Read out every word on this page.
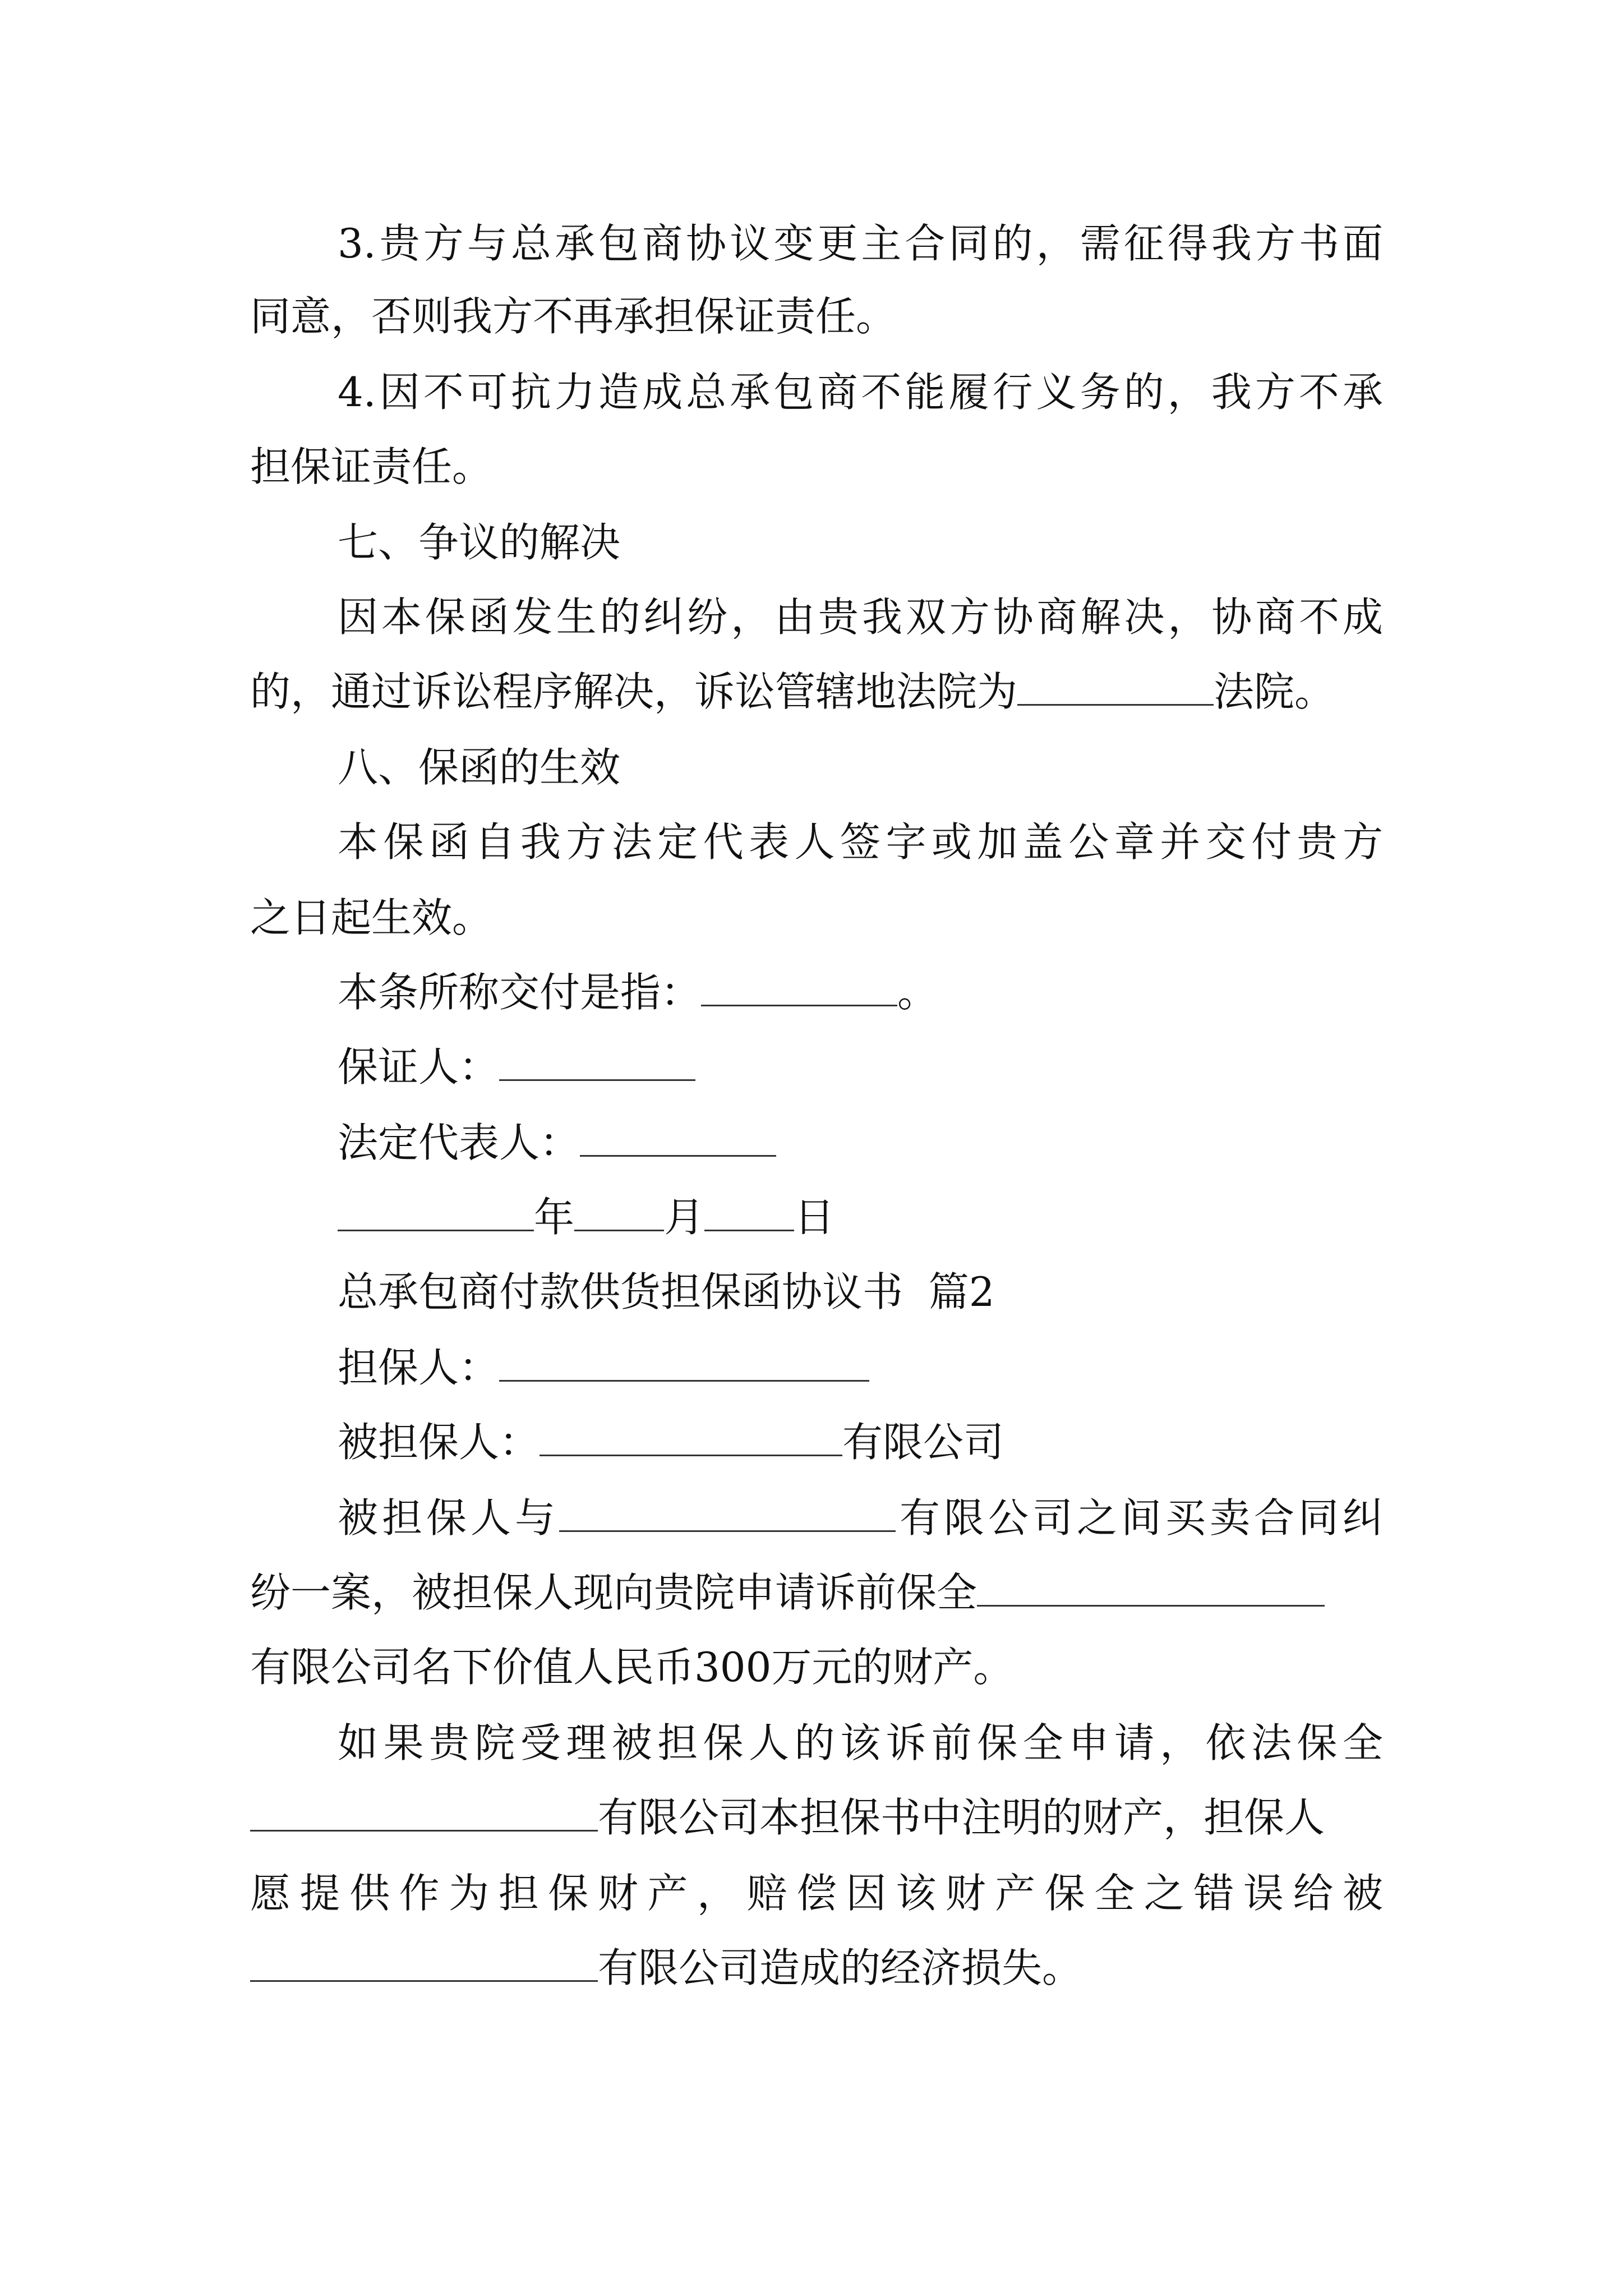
3.贵方与总承包商协议变更主合同的，需征得我方书面
同意，否则我方不再承担保证责任。
4.因不可抗力造成总承包商不能履行义务的，我方不承
担保证责任。
七、争议的解决
因本保函发生的纠纷，由贵我双方协商解决，协商不成
的，通过诉讼程序解决，诉讼管辖地法院为	法院。
八、保函的生效
本保函自我方法定代表人签字或加盖公章并交付贵方
之日起生效。
本条所称交付是指：	。
保证人：
法定代表人：
年 月 日
总承包商付款供货担保函协议书  篇2
担保人：
被担保人：	有限公司
被担保人与	有限公司之间买卖合同纠
纷一案，被担保人现向贵院申请诉前保全
有限公司名下价值人民币300万元的财产。
如果贵院受理被担保人的该诉前保全申请，依法保全
有限公司本担保书中注明的财产，担保人
愿提供作为担保财产，赔偿因该财产保全之错误给被
有限公司造成的经济损失。
